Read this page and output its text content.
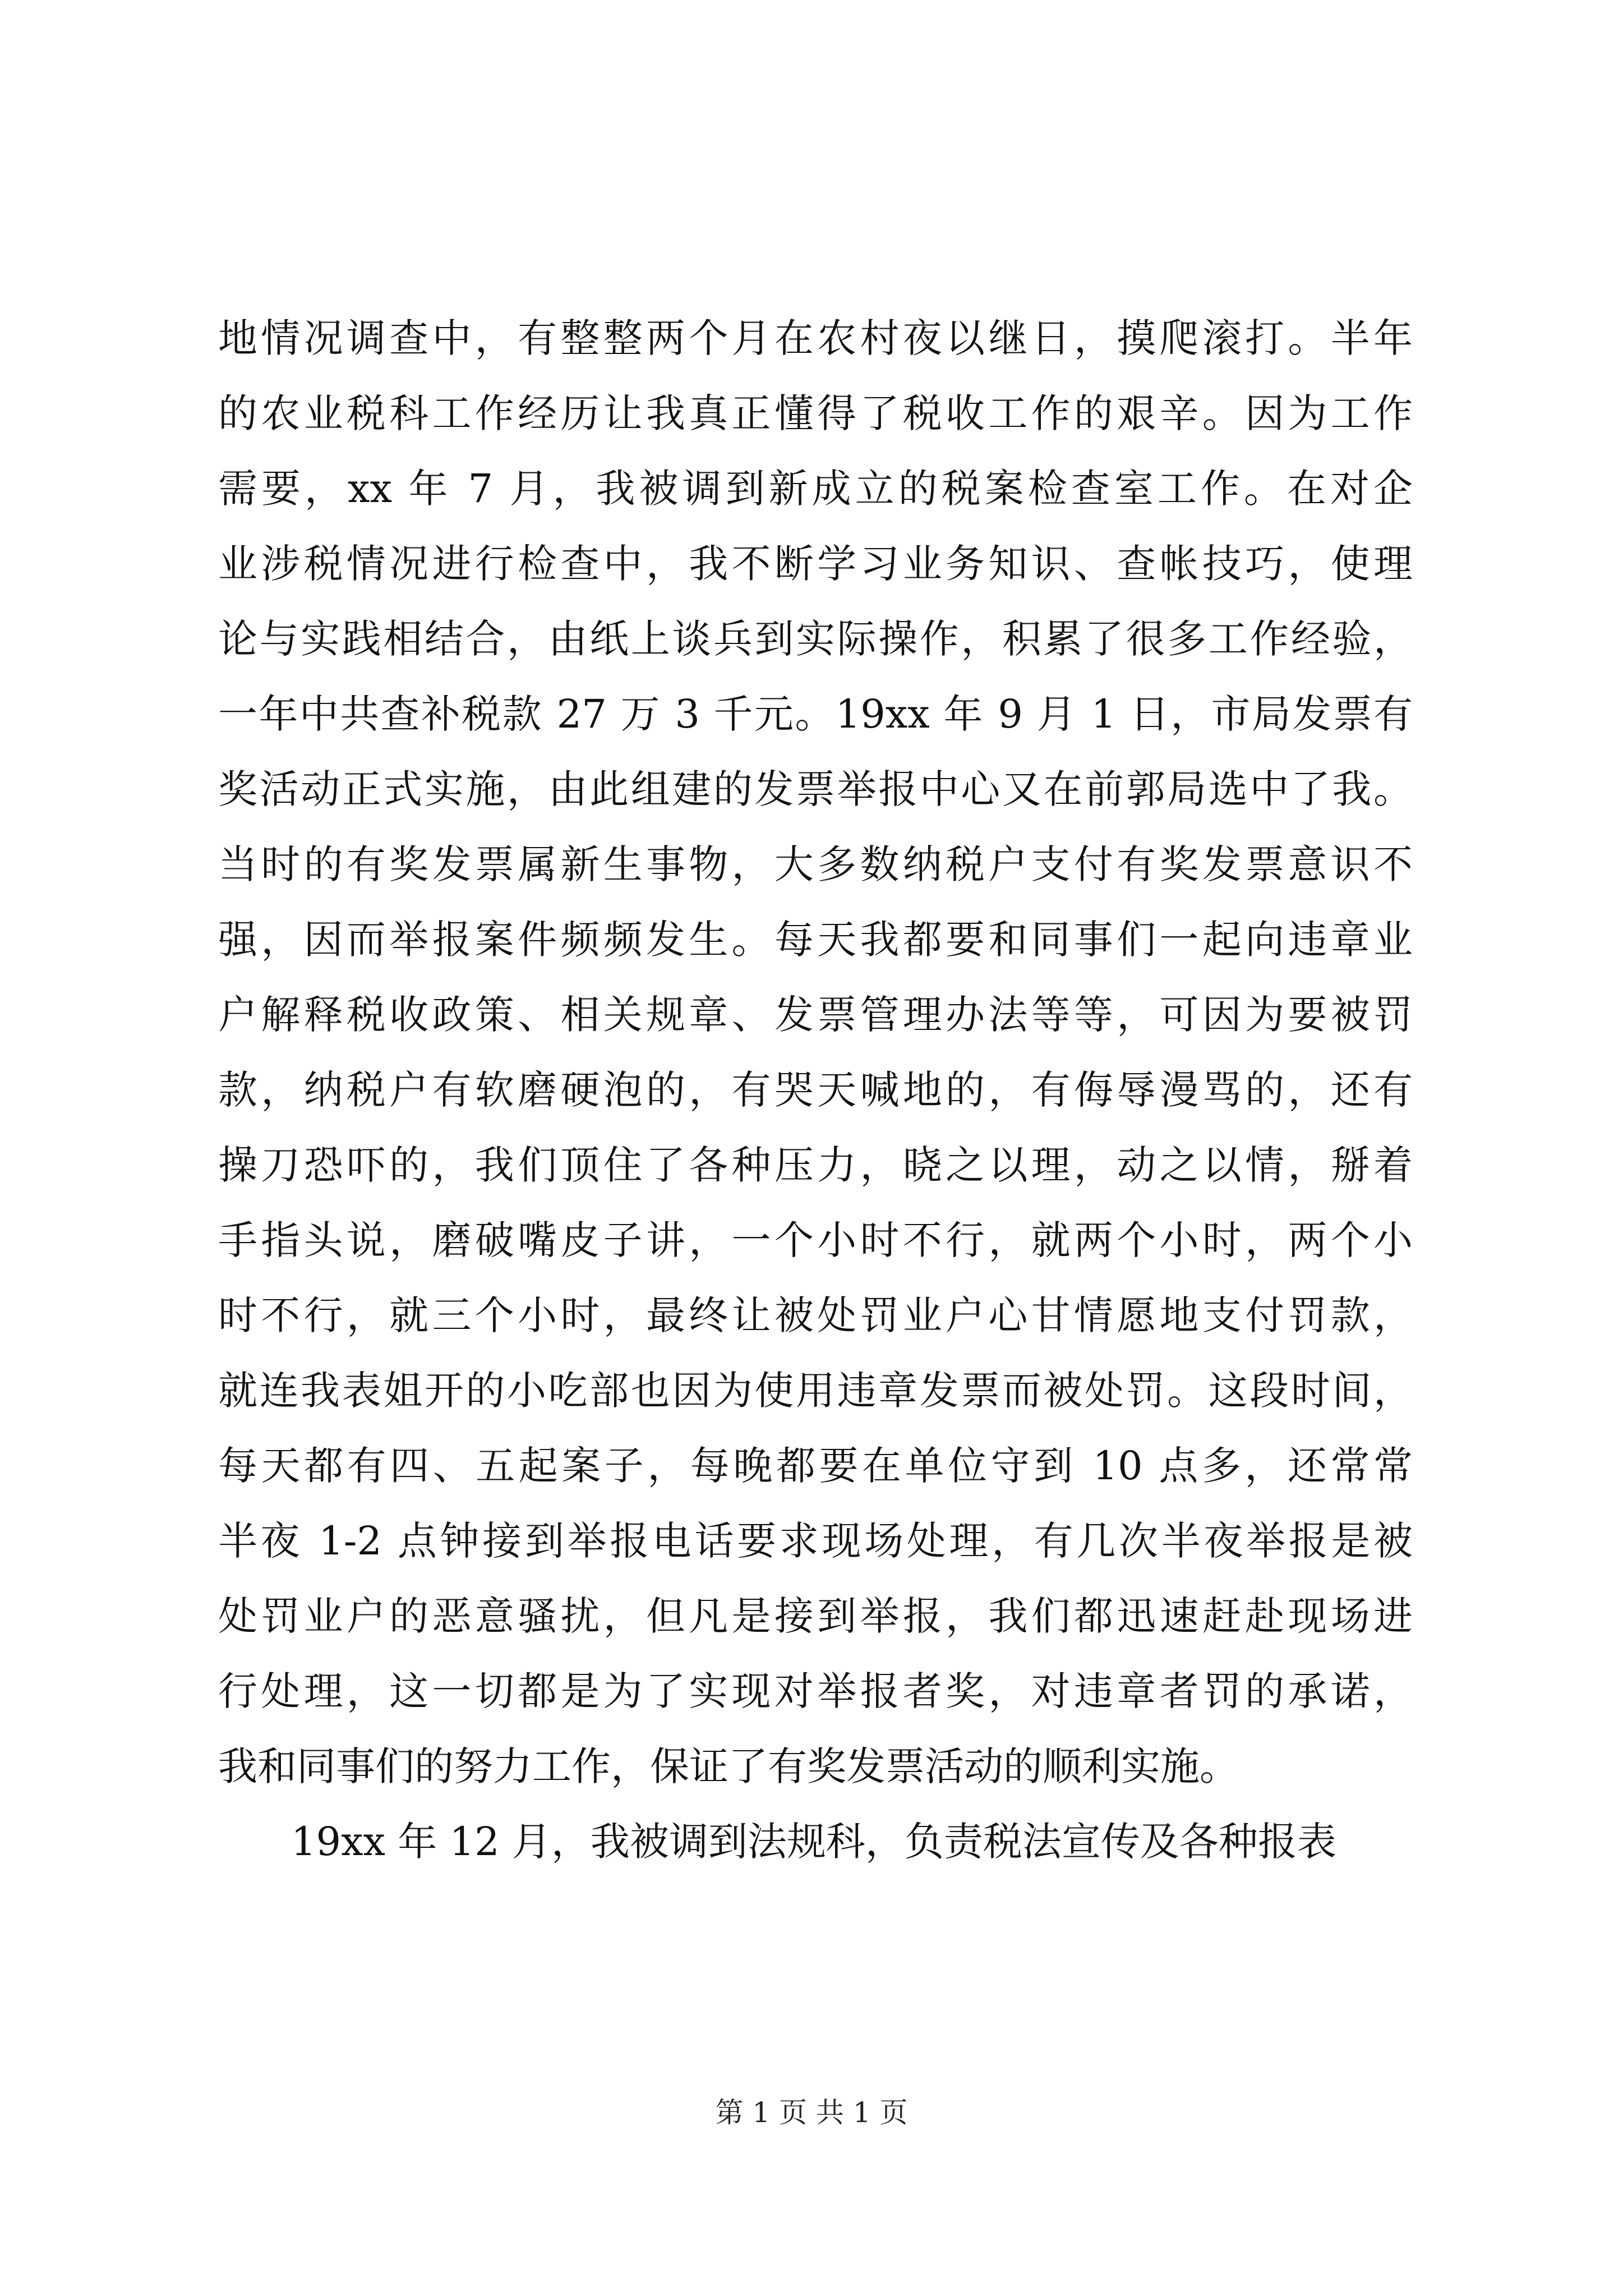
地情况调查中，有整整两个月在农村夜以继日，摸爬滚打。半年
的农业税科工作经历让我真正懂得了税收工作的艰辛。因为工作
需要，xx 年 7 月，我被调到新成立的税案检查室工作。在对企
业涉税情况进行检查中，我不断学习业务知识、查帐技巧，使理
论与实践相结合，由纸上谈兵到实际操作，积累了很多工作经验，
一年中共查补税款 27 万 3 千元。19xx 年 9 月 1 日，市局发票有
奖活动正式实施，由此组建的发票举报中心又在前郭局选中了我。
当时的有奖发票属新生事物，大多数纳税户支付有奖发票意识不
强，因而举报案件频频发生。每天我都要和同事们一起向违章业
户解释税收政策、相关规章、发票管理办法等等，可因为要被罚
款，纳税户有软磨硬泡的，有哭天喊地的，有侮辱漫骂的，还有
操刀恐吓的，我们顶住了各种压力，晓之以理，动之以情，掰着
手指头说，磨破嘴皮子讲，一个小时不行，就两个小时，两个小
时不行，就三个小时，最终让被处罚业户心甘情愿地支付罚款，
就连我表姐开的小吃部也因为使用违章发票而被处罚。这段时间，
每天都有四、五起案子，每晚都要在单位守到 10 点多，还常常
半夜 1-2 点钟接到举报电话要求现场处理，有几次半夜举报是被
处罚业户的恶意骚扰，但凡是接到举报，我们都迅速赶赴现场进
行处理，这一切都是为了实现对举报者奖，对违章者罚的承诺，
我和同事们的努力工作，保证了有奖发票活动的顺利实施。
19xx 年 12 月，我被调到法规科，负责税法宣传及各种报表
第 1 页 共 1 页
